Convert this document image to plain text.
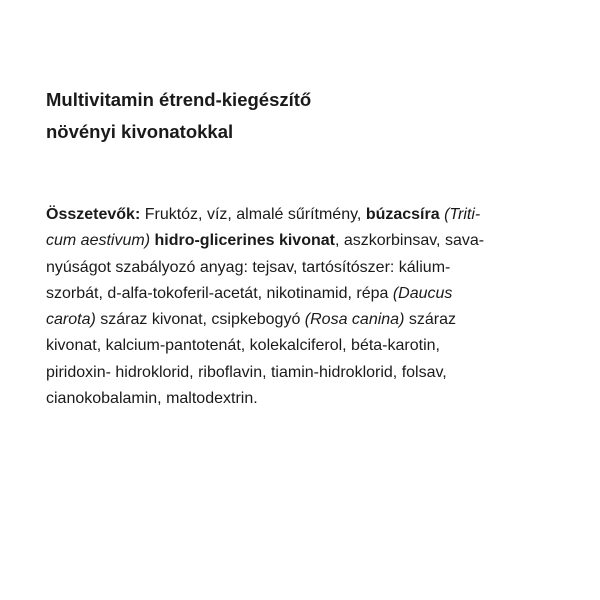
Multivitamin étrend-kiegészítő
növényi kivonatokkal
Összetevők: Fruktóz, víz, almalé sűrítmény, búzacsíra (Triti-
cum aestivum) hidro-glicerines kivonat, aszkorbinsav, sava-
nyúságot szabályozó anyag: tejsav, tartósítószer: kálium-
szorbát, d-alfa-tokoferil-acetát, nikotinamid, répa (Daucus
carota) száraz kivonat, csipkebogyó (Rosa canina) száraz
kivonat, kalcium-pantotenát, kolekalciferol, béta-karotin,
piridoxin- hidroklorid, riboflavin, tiamin-hidroklorid, folsav,
cianokobalamin, maltodextrin.
